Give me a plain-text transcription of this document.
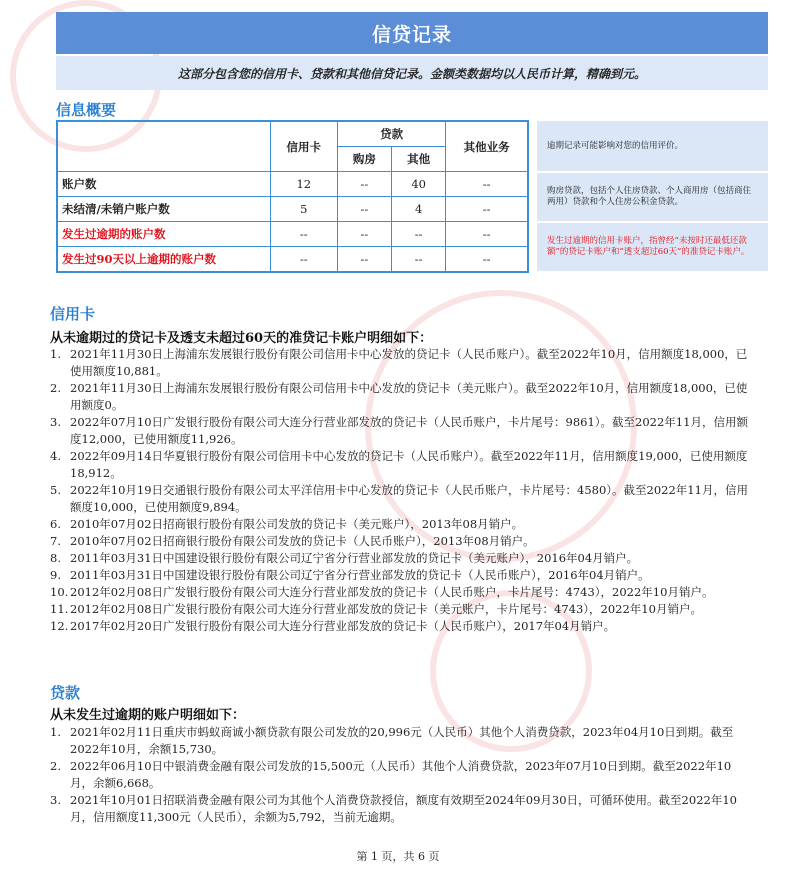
信贷记录
这部分包含您的信用卡、贷款和其他信贷记录。金额类数据均以人民币计算，精确到元。
信息概要
	信用卡	贷款		其他业务
		购房	其他	
账户数	12	--	40	--
未结清/未销户账户数	5	--	4	--
发生过逾期的账户数	--	--	--	--
发生过90天以上逾期的账户数	--	--	--	--
逾期记录可能影响对您的信用评价。
购房贷款，包括个人住房贷款、个人商用房（包括商住两用）贷款和个人住房公积金贷款。
发生过逾期的信用卡账户，指曾经“未按时还最低还款额”的贷记卡账户和“透支超过60天”的准贷记卡账户。
信用卡
从未逾期过的贷记卡及透支未超过60天的准贷记卡账户明细如下：
1. 2021年11月30日上海浦东发展银行股份有限公司信用卡中心发放的贷记卡（人民币账户）。截至2022年10月，信用额度18,000，已使用额度10,881。
2. 2021年11月30日上海浦东发展银行股份有限公司信用卡中心发放的贷记卡（美元账户）。截至2022年10月，信用额度18,000，已使用额度0。
3. 2022年07月10日广发银行股份有限公司大连分行营业部发放的贷记卡（人民币账户，卡片尾号：9861）。截至2022年11月，信用额度12,000，已使用额度11,926。
4. 2022年09月14日华夏银行股份有限公司信用卡中心发放的贷记卡（人民币账户）。截至2022年11月，信用额度19,000，已使用额度18,912。
5. 2022年10月19日交通银行股份有限公司太平洋信用卡中心发放的贷记卡（人民币账户，卡片尾号：4580）。截至2022年11月，信用额度10,000，已使用额度9,894。
6. 2010年07月02日招商银行股份有限公司发放的贷记卡（美元账户），2013年08月销户。
7. 2010年07月02日招商银行股份有限公司发放的贷记卡（人民币账户），2013年08月销户。
8. 2011年03月31日中国建设银行股份有限公司辽宁省分行营业部发放的贷记卡（美元账户），2016年04月销户。
9. 2011年03月31日中国建设银行股份有限公司辽宁省分行营业部发放的贷记卡（人民币账户），2016年04月销户。
10. 2012年02月08日广发银行股份有限公司大连分行营业部发放的贷记卡（人民币账户，卡片尾号：4743），2022年10月销户。
11. 2012年02月08日广发银行股份有限公司大连分行营业部发放的贷记卡（美元账户，卡片尾号：4743），2022年10月销户。
12. 2017年02月20日广发银行股份有限公司大连分行营业部发放的贷记卡（人民币账户），2017年04月销户。
贷款
从未发生过逾期的账户明细如下：
1. 2021年02月11日重庆市蚂蚁商诚小额贷款有限公司发放的20,996元（人民币）其他个人消费贷款，2023年04月10日到期。截至2022年10月，余额15,730。
2. 2022年06月10日中银消费金融有限公司发放的15,500元（人民币）其他个人消费贷款，2023年07月10日到期。截至2022年10月，余额6,668。
3. 2021年10月01日招联消费金融有限公司为其他个人消费贷款授信，额度有效期至2024年09月30日，可循环使用。截至2022年10月，信用额度11,300元（人民币），余额为5,792，当前无逾期。
第 1 页，共 6 页
